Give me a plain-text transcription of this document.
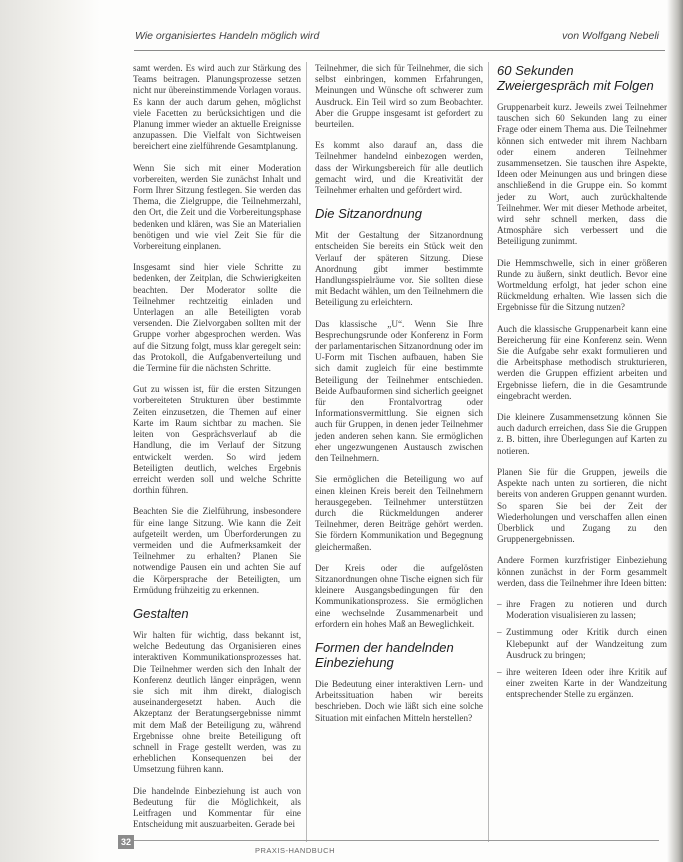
Wie organisiertes Handeln möglich wird	von Wolfgang Nebeli

samt werden. Es wird auch zur Stärkung des Teams beitragen. Planungsprozesse setzen nicht nur übereinstimmende Vorlagen voraus. Es kann der auch darum gehen, möglichst viele Facetten zu berücksichtigen und die Planung immer wieder an aktuelle Ereignisse anzupassen. Die Vielfalt von Sichtweisen bereichert eine zielführende Gesamtplanung.

Wenn Sie sich mit einer Moderation vorbereiten, werden Sie zunächst Inhalt und Form Ihrer Sitzung festlegen. Sie werden das Thema, die Zielgruppe, die Teilnehmerzahl, den Ort, die Zeit und die Vorbereitungsphase bedenken und klären, was Sie an Materialien benötigen und wie viel Zeit Sie für die Vorbereitung einplanen.

Insgesamt sind hier viele Schritte zu bedenken, der Zeitplan, die Schwierigkeiten beachten. Der Moderator sollte die Teilnehmer rechtzeitig einladen und Unterlagen an alle Beteiligten vorab versenden. Die Zielvorgaben sollten mit der Gruppe vorher abgesprochen werden. Was auf die Sitzung folgt, muss klar geregelt sein: das Protokoll, die Aufgabenverteilung und die Termine für die nächsten Schritte.

Gut zu wissen ist, für die ersten Sitzungen vorbereiteten Strukturen über bestimmte Zeiten einzusetzen, die Themen auf einer Karte im Raum sichtbar zu machen. Sie leiten von Gesprächsverlauf ab die Handlung, die im Verlauf der Sitzung entwickelt werden. So wird jedem Beteiligten deutlich, welches Ergebnis erreicht werden soll und welche Schritte dorthin führen.

Beachten Sie die Zielführung, insbesondere für eine lange Sitzung. Wie kann die Zeit aufgeteilt werden, um Überforderungen zu vermeiden und die Aufmerksamkeit der Teilnehmer zu erhalten? Planen Sie notwendige Pausen ein und achten Sie auf die Körpersprache der Beteiligten, um Ermüdung frühzeitig zu erkennen.

Gestalten

Wir halten für wichtig, dass bekannt ist, welche Bedeutung das Organisieren eines interaktiven Kommunikationsprozesses hat. Die Teilnehmer werden sich den Inhalt der Konferenz deutlich länger einprägen, wenn sie sich mit ihm direkt, dialogisch auseinandergesetzt haben. Auch die Akzeptanz der Beratungsergebnisse nimmt mit dem Maß der Beteiligung zu, während Ergebnisse ohne breite Beteiligung oft schnell in Frage gestellt werden, was zu erheblichen Konsequenzen bei der Umsetzung führen kann.

Die handelnde Einbeziehung ist auch von Bedeutung für die Möglichkeit, als Leitfragen und Kommentar für eine Entscheidung mit auszuarbeiten. Gerade bei

Teilnehmer, die sich für Teilnehmer, die sich selbst einbringen, kommen Erfahrungen, Meinungen und Wünsche oft schwerer zum Ausdruck. Ein Teil wird so zum Beobachter. Aber die Gruppe insgesamt ist gefordert zu beurteilen.

Es kommt also darauf an, dass die Teilnehmer handelnd einbezogen werden, dass der Wirkungsbereich für alle deutlich gemacht wird, und die Kreativität der Teilnehmer erhalten und gefördert wird.

Die Sitzanordnung

Mit der Gestaltung der Sitzanordnung entscheiden Sie bereits ein Stück weit den Verlauf der späteren Sitzung. Diese Anordnung gibt immer bestimmte Handlungsspielräume vor. Sie sollten diese mit Bedacht wählen, um den Teilnehmern die Beteiligung zu erleichtern.

Das klassische „U“. Wenn Sie Ihre Besprechungsrunde oder Konferenz in Form der parlamentarischen Sitzanordnung oder im U-Form mit Tischen aufbauen, haben Sie sich damit zugleich für eine bestimmte Beteiligung der Teilnehmer entschieden. Beide Aufbauformen sind sicherlich geeignet für den Frontalvortrag oder Informationsvermittlung. Sie eignen sich auch für Gruppen, in denen jeder Teilnehmer jeden anderen sehen kann. Sie ermöglichen eher ungezwungenen Austausch zwischen den Teilnehmern.

Sie ermöglichen die Beteiligung wo auf einen kleinen Kreis bereit den Teilnehmern herausgegeben. Teilnehmer unterstützen durch die Rückmeldungen anderer Teilnehmer, deren Beiträge gehört werden. Sie fördern Kommunikation und Begegnung gleichermaßen.

Der Kreis oder die aufgelösten Sitzanordnungen ohne Tische eignen sich für kleinere Ausgangsbedingungen für den Kommunikationsprozess. Sie ermöglichen eine wechselnde Zusammenarbeit und erfordern ein hohes Maß an Beweglichkeit.

Formen der handelnden Einbeziehung

Die Bedeutung einer interaktiven Lern- und Arbeitssituation haben wir bereits beschrieben. Doch wie läßt sich eine solche Situation mit einfachen Mitteln herstellen?

60 Sekunden Zweiergespräch mit Folgen

Gruppenarbeit kurz. Jeweils zwei Teilnehmer tauschen sich 60 Sekunden lang zu einer Frage oder einem Thema aus. Die Teilnehmer können sich entweder mit ihrem Nachbarn oder einem anderen Teilnehmer zusammensetzen. Sie tauschen ihre Aspekte, Ideen oder Meinungen aus und bringen diese anschließend in die Gruppe ein. So kommt jeder zu Wort, auch zurückhaltende Teilnehmer. Wer mit dieser Methode arbeitet, wird sehr schnell merken, dass die Atmosphäre sich verbessert und die Beteiligung zunimmt.

Die Hemmschwelle, sich in einer größeren Runde zu äußern, sinkt deutlich. Bevor eine Wortmeldung erfolgt, hat jeder schon eine Rückmeldung erhalten. Wie lassen sich die Ergebnisse für die Sitzung nutzen?

Auch die klassische Gruppenarbeit kann eine Bereicherung für eine Konferenz sein. Wenn Sie die Aufgabe sehr exakt formulieren und die Arbeitsphase methodisch strukturieren, werden die Gruppen effizient arbeiten und Ergebnisse liefern, die in die Gesamtrunde eingebracht werden.

Die kleinere Zusammensetzung können Sie auch dadurch erreichen, dass Sie die Gruppen z. B. bitten, ihre Überlegungen auf Karten zu notieren.

Planen Sie für die Gruppen, jeweils die Aspekte nach unten zu sortieren, die nicht bereits von anderen Gruppen genannt wurden. So sparen Sie bei der Zeit der Wiederholungen und verschaffen allen einen Überblick und Zugang zu den Gruppenergebnissen.

Andere Formen kurzfristiger Einbeziehung können zunächst in der Form gesammelt werden, dass die Teilnehmer ihre Ideen bitten:

– ihre Fragen zu notieren und durch Moderation visualisieren zu lassen;
– Zustimmung oder Kritik durch einen Klebepunkt auf der Wandzeitung zum Ausdruck zu bringen;
– ihre weiteren Ideen oder ihre Kritik auf einer zweiten Karte in der Wandzeitung entsprechender Stelle zu ergänzen.
32
PRAXIS-HANDBUCH
